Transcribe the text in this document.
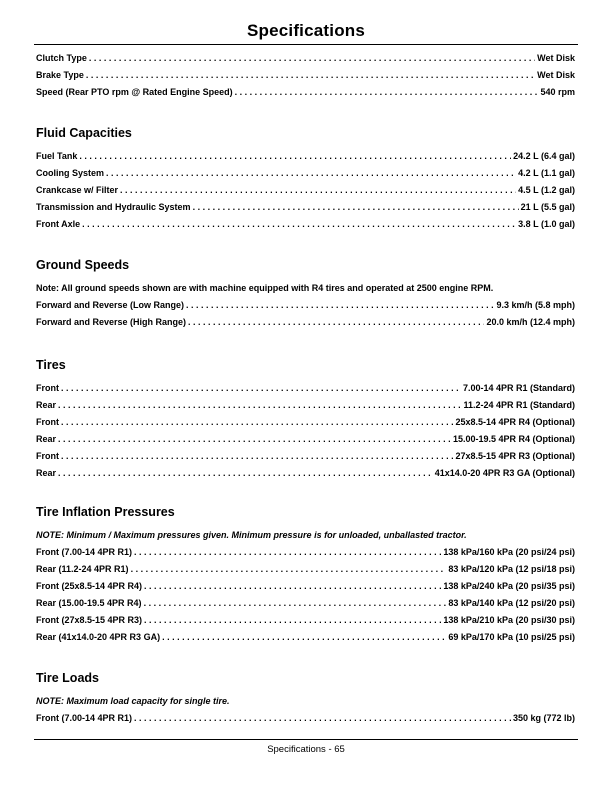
Specifications
Clutch Type . . .	Wet Disk
Brake Type . . .	Wet Disk
Speed (Rear PTO rpm @ Rated Engine Speed) . . .	540 rpm
Fluid Capacities
Fuel Tank . . .	24.2 L (6.4 gal)
Cooling System . . .	4.2 L (1.1 gal)
Crankcase w/ Filter . . .	4.5 L (1.2 gal)
Transmission and Hydraulic System . . .	21 L (5.5 gal)
Front Axle . . .	3.8 L (1.0 gal)
Ground Speeds
Note: All ground speeds shown are with machine equipped with R4 tires and operated at 2500 engine RPM.
Forward and Reverse (Low Range) . . .	9.3 km/h (5.8 mph)
Forward and Reverse (High Range) . . .	20.0 km/h (12.4 mph)
Tires
Front . . .	7.00-14 4PR R1 (Standard)
Rear . . .	11.2-24 4PR R1 (Standard)
Front . . .	25x8.5-14 4PR R4 (Optional)
Rear . . .	15.00-19.5 4PR R4 (Optional)
Front . . .	27x8.5-15 4PR R3 (Optional)
Rear . . .	41x14.0-20 4PR R3 GA (Optional)
Tire Inflation Pressures
NOTE: Minimum / Maximum pressures given. Minimum pressure is for unloaded, unballasted tractor.
Front (7.00-14 4PR R1) . . .	138 kPa/160 kPa (20 psi/24 psi)
Rear (11.2-24 4PR R1) . . .	83 kPa/120 kPa (12 psi/18 psi)
Front (25x8.5-14 4PR R4) . . .	138 kPa/240 kPa (20 psi/35 psi)
Rear (15.00-19.5 4PR R4) . . .	83 kPa/140 kPa (12 psi/20 psi)
Front (27x8.5-15 4PR R3) . . .	138 kPa/210 kPa (20 psi/30 psi)
Rear (41x14.0-20 4PR R3 GA) . . .	69 kPa/170 kPa (10 psi/25 psi)
Tire Loads
NOTE: Maximum load capacity for single tire.
Front (7.00-14 4PR R1) . . .	350 kg (772 lb)
Specifications - 65
